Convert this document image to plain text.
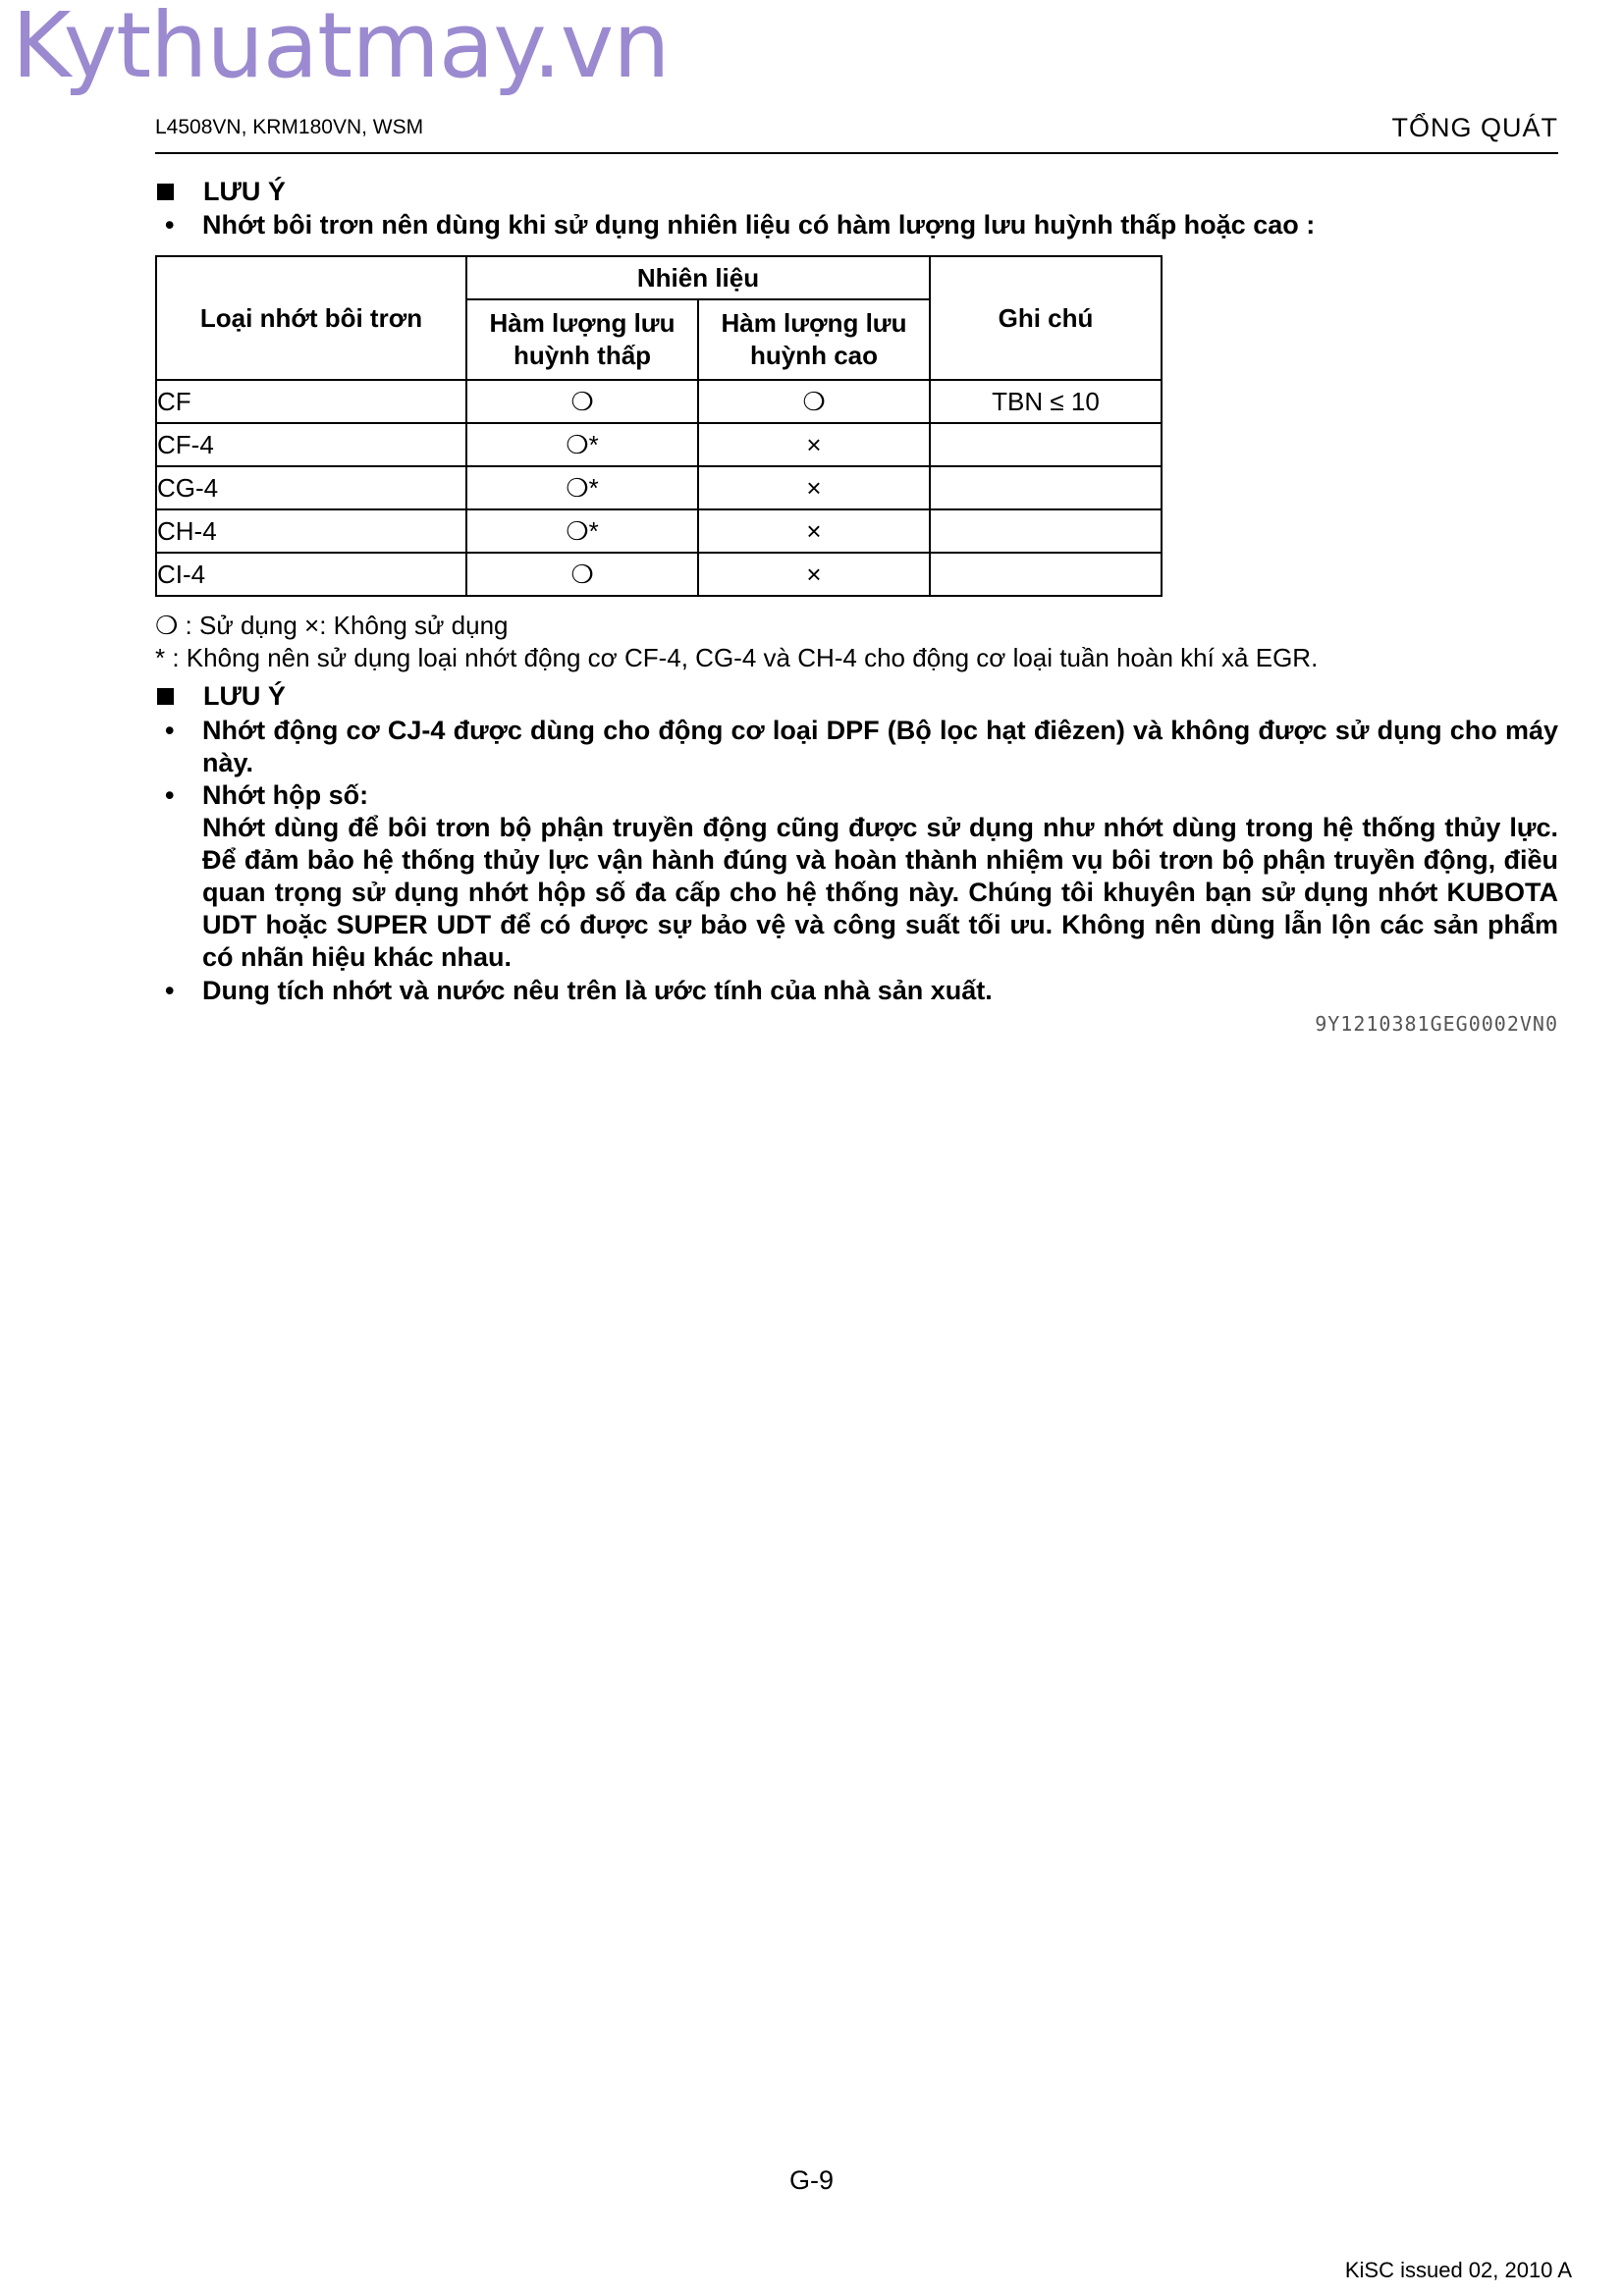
Kythuatmay.vn
L4508VN, KRM180VN, WSM	TỔNG QUÁT
LƯU Ý
•	Nhớt bôi trơn nên dùng khi sử dụng nhiên liệu có hàm lượng lưu huỳnh thấp hoặc cao :
Loại nhớt bôi trơn	Nhiên liệu		Ghi chú
	Hàm lượng lưu huỳnh thấp	Hàm lượng lưu huỳnh cao	
CF	❍	❍	TBN ≤ 10
CF-4	❍*	×	
CG-4	❍*	×	
CH-4	❍*	×	
CI-4	❍	×	
❍ : Sử dụng ×: Không sử dụng
* : Không nên sử dụng loại nhớt động cơ CF-4, CG-4 và CH-4 cho động cơ loại tuần hoàn khí xả EGR.
LƯU Ý
•	Nhớt động cơ CJ-4 được dùng cho động cơ loại DPF (Bộ lọc hạt điêzen) và không được sử dụng cho máy này.
•	Nhớt hộp số:
Nhớt dùng để bôi trơn bộ phận truyền động cũng được sử dụng như nhớt dùng trong hệ thống thủy lực. Để đảm bảo hệ thống thủy lực vận hành đúng và hoàn thành nhiệm vụ bôi trơn bộ phận truyền động, điều quan trọng sử dụng nhớt hộp số đa cấp cho hệ thống này. Chúng tôi khuyên bạn sử dụng nhớt KUBOTA UDT hoặc SUPER UDT để có được sự bảo vệ và công suất tối ưu. Không nên dùng lẫn lộn các sản phẩm có nhãn hiệu khác nhau.
•	Dung tích nhớt và nước nêu trên là ước tính của nhà sản xuất.
9Y1210381GEG0002VN0
G-9
KiSC issued 02, 2010 A
